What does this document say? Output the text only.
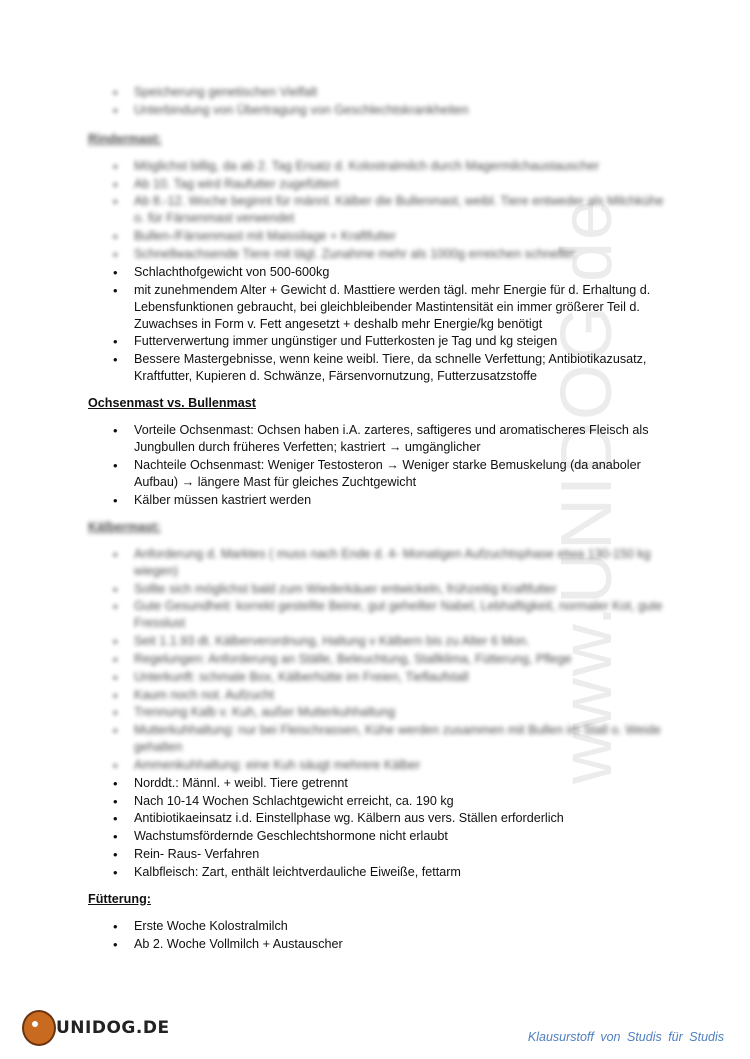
www.UNIDOG.de
• Speicherung genetischen Vielfalt
• Unterbindung von Übertragung von Geschlechtskrankheiten
Rindermast:
• Möglichst billig, da ab 2. Tag Ersatz d. Kolostralmilch durch Magermilchaustauscher
• Ab 10. Tag wird Raufutter zugefüttert
• Ab 8.-12. Woche beginnt für männl. Kälber die Bullenmast, weibl. Tiere entweder als Milchkühe o. für Färsenmast verwendet
• Bullen-/Färsenmast mit Maissilage + Kraftfutter
• Schnellwachsende Tiere mit tägl. Zunahme mehr als 1000g erreichen schneller
• Schlachthofgewicht von 500-600kg
• mit zunehmendem Alter + Gewicht d. Masttiere werden tägl. mehr Energie für d. Erhaltung d. Lebensfunktionen gebraucht, bei gleichbleibender Mastintensität ein immer größerer Teil d. Zuwachses in Form v. Fett angesetzt + deshalb mehr Energie/kg benötigt
• Futterverwertung immer ungünstiger und Futterkosten je Tag und kg steigen
• Bessere Mastergebnisse, wenn keine weibl. Tiere, da schnelle Verfettung; Antibiotikazusatz, Kraftfutter, Kupieren d. Schwänze, Färsenvornutzung, Futterzusatzstoffe
Ochsenmast vs. Bullenmast
• Vorteile Ochsenmast: Ochsen haben i.A. zarteres, saftigeres und aromatischeres Fleisch als Jungbullen durch früheres Verfetten; kastriert → umgänglicher
• Nachteile Ochsenmast: Weniger Testosteron → Weniger starke Bemuskelung (da anaboler Aufbau) → längere Mast für gleiches Zuchtgewicht
• Kälber müssen kastriert werden
Kälbermast:
• Anforderung d. Marktes ( muss nach Ende d. 4- Monatigen Aufzuchtsphase etwa 130-150 kg wiegen)
• Sollte sich möglichst bald zum Wiederkäuer entwickeln, frühzeitig Kraftfutter
• Gute Gesundheit: korrekt gestellte Beine, gut geheilter Nabel, Lebhaftigkeit, normaler Kot, gute Fresslust
• Seit 1.1.93 dt. Kälberverordnung, Haltung v Kälbern bis zu Alter 6 Mon.
• Regelungen: Anforderung an Ställe, Beleuchtung, Stallklima, Fütterung, Pflege
• Unterkunft: schmale Box, Kälberhütte im Freien, Tieflaufstall
• Kaum noch not. Aufzucht
• Trennung Kalb v. Kuh, außer Mutterkuhhaltung
• Mutterkuhhaltung: nur bei Fleischrassen, Kühe werden zusammen mit Bullen im Stall o. Weide gehalten
• Ammenkuhhaltung: eine Kuh säugt mehrere Kälber
• Norddt.: Männl. + weibl. Tiere getrennt
• Nach 10-14 Wochen Schlachtgewicht erreicht, ca. 190 kg
• Antibiotikaeinsatz i.d. Einstellphase wg. Kälbern aus vers. Ställen erforderlich
• Wachstumsfördernde Geschlechtshormone nicht erlaubt
• Rein- Raus- Verfahren
• Kalbfleisch: Zart, enthält leichtverdauliche Eiweiße, fettarm
Fütterung:
• Erste Woche Kolostralmilch
• Ab 2. Woche Vollmilch + Austauscher
UNIDOG.DE	Klausurstoff von Studis für Studis
